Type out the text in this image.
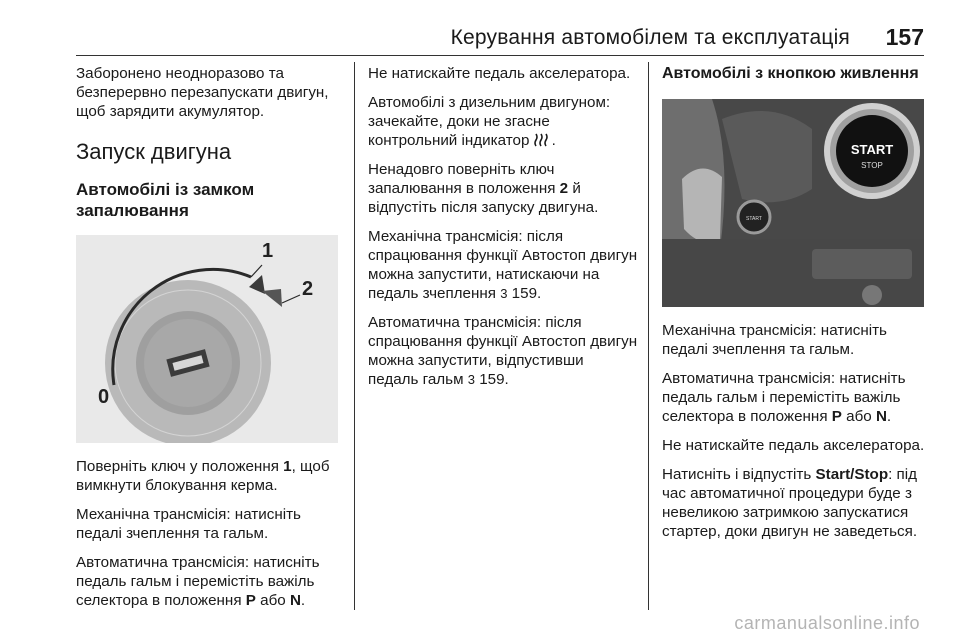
Керування автомобілем та експлуатація 157

Заборонено неодноразово та безперервно перезапускати двигун, щоб зарядити акумулятор.

Запуск двигуна
Автомобілі із замком запалювання
1
2
0

Поверніть ключ у положення 1, щоб вимкнути блокування керма.

Механічна трансмісія: натисніть педалі зчеплення та гальм.

Автоматична трансмісія: натисніть педаль гальм і перемістіть важіль селектора в положення P або N.

Не натискайте педаль акселератора.

Автомобілі з дизельним двигуном: зачекайте, доки не згасне контрольний індикатор .

Ненадовго поверніть ключ запалювання в положення 2 й відпустіть після запуску двигуна.

Механічна трансмісія: після спрацювання функції Автостоп двигун можна запустити, натискаючи на педаль зчеплення 3 159.

Автоматична трансмісія: після спрацювання функції Автостоп двигун можна запустити, відпустивши педаль гальм 3 159.

Автомобілі з кнопкою живлення
START
START
STOP

Механічна трансмісія: натисніть педалі зчеплення та гальм.

Автоматична трансмісія: натисніть педаль гальм і перемістіть важіль селектора в положення P або N.

Не натискайте педаль акселератора.

Натисніть і відпустіть Start/Stop: під час автоматичної процедури буде з невеликою затримкою запускатися стартер, доки двигун не заведеться.

carmanualsonline.info
